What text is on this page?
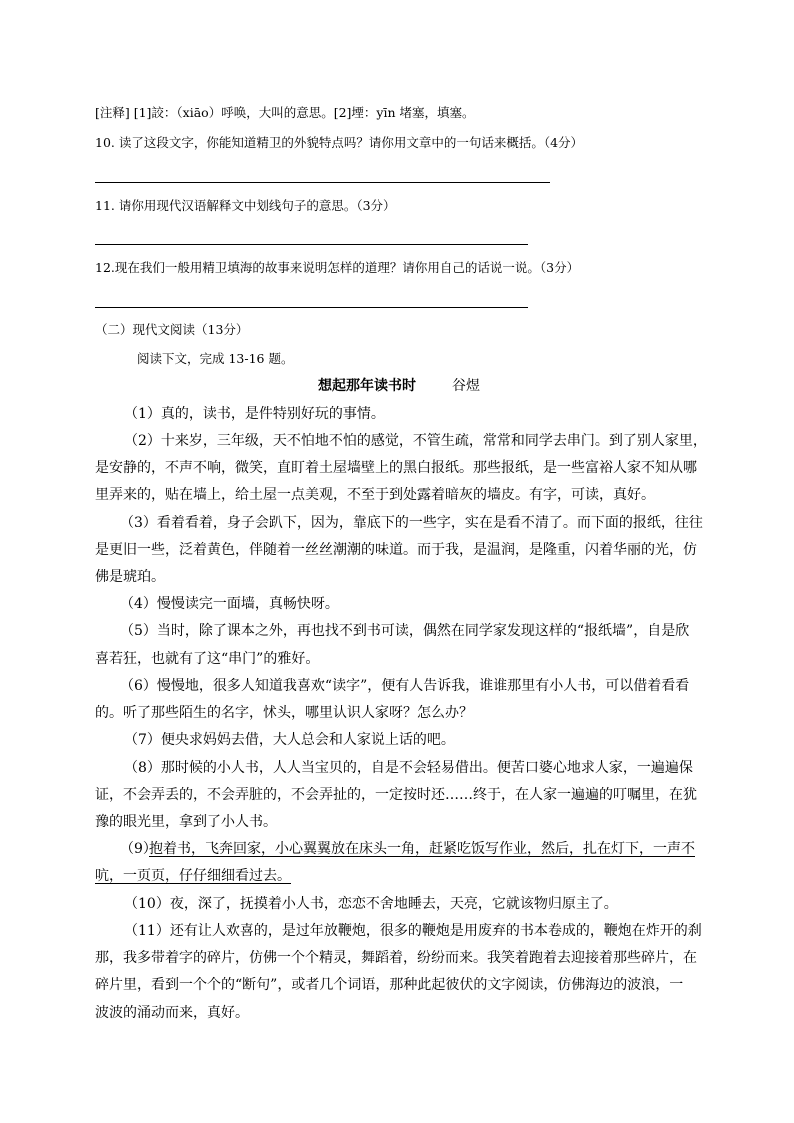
[注释] [1]詨：（xiāo）呼唤，大叫的意思。[2]堙：yīn 堵塞，填塞。
10. 读了这段文字，你能知道精卫的外貌特点吗？请你用文章中的一句话来概括。（4分）
11. 请你用现代汉语解释文中划线句子的意思。（3分）
12.现在我们一般用精卫填海的故事来说明怎样的道理？请你用自己的话说一说。（3分）
（二）现代文阅读（13分）
阅读下文，完成 13-16 题。
想起那年读书时	谷煜
（1）真的，读书，是件特别好玩的事情。
（2）十来岁，三年级，天不怕地不怕的感觉，不管生疏，常常和同学去串门。到了别人家里，
是安静的，不声不响，微笑，直盯着土屋墙壁上的黑白报纸。那些报纸，是一些富裕人家不知从哪
里弄来的，贴在墙上，给土屋一点美观，不至于到处露着暗灰的墙皮。有字，可读，真好。
（3）看着看着，身子会趴下，因为，靠底下的一些字，实在是看不清了。而下面的报纸，往往
是更旧一些，泛着黄色，伴随着一丝丝潮潮的味道。而于我，是温润，是隆重，闪着华丽的光，仿
佛是琥珀。
（4）慢慢读完一面墙，真畅快呀。
（5）当时，除了课本之外，再也找不到书可读，偶然在同学家发现这样的“报纸墙”，自是欣
喜若狂，也就有了这“串门”的雅好。
（6）慢慢地，很多人知道我喜欢“读字”，便有人告诉我，谁谁那里有小人书，可以借着看看
的。听了那些陌生的名字，怵头，哪里认识人家呀？怎么办？
（7）便央求妈妈去借，大人总会和人家说上话的吧。
（8）那时候的小人书，人人当宝贝的，自是不会轻易借出。便苦口婆心地求人家，一遍遍保
证，不会弄丢的，不会弄脏的，不会弄扯的，一定按时还……终于，在人家一遍遍的叮嘱里，在犹
豫的眼光里，拿到了小人书。
（9）
抱着书，飞奔回家，小心翼翼放在床头一角，赶紧吃饭写作业，然后，扎在灯下，一声不
吭，一页页，仔仔细细看过去。
（10）夜，深了，抚摸着小人书，恋恋不舍地睡去，天亮，它就该物归原主了。
（11）还有让人欢喜的，是过年放鞭炮，很多的鞭炮是用废弃的书本卷成的，鞭炮在炸开的刹
那，我多带着字的碎片，仿佛一个个精灵，舞蹈着，纷纷而来。我笑着跑着去迎接着那些碎片，在
碎片里，看到一个个的“断句”，或者几个词语，那种此起彼伏的文字阅读，仿佛海边的波浪，一
波波的涌动而来，真好。
